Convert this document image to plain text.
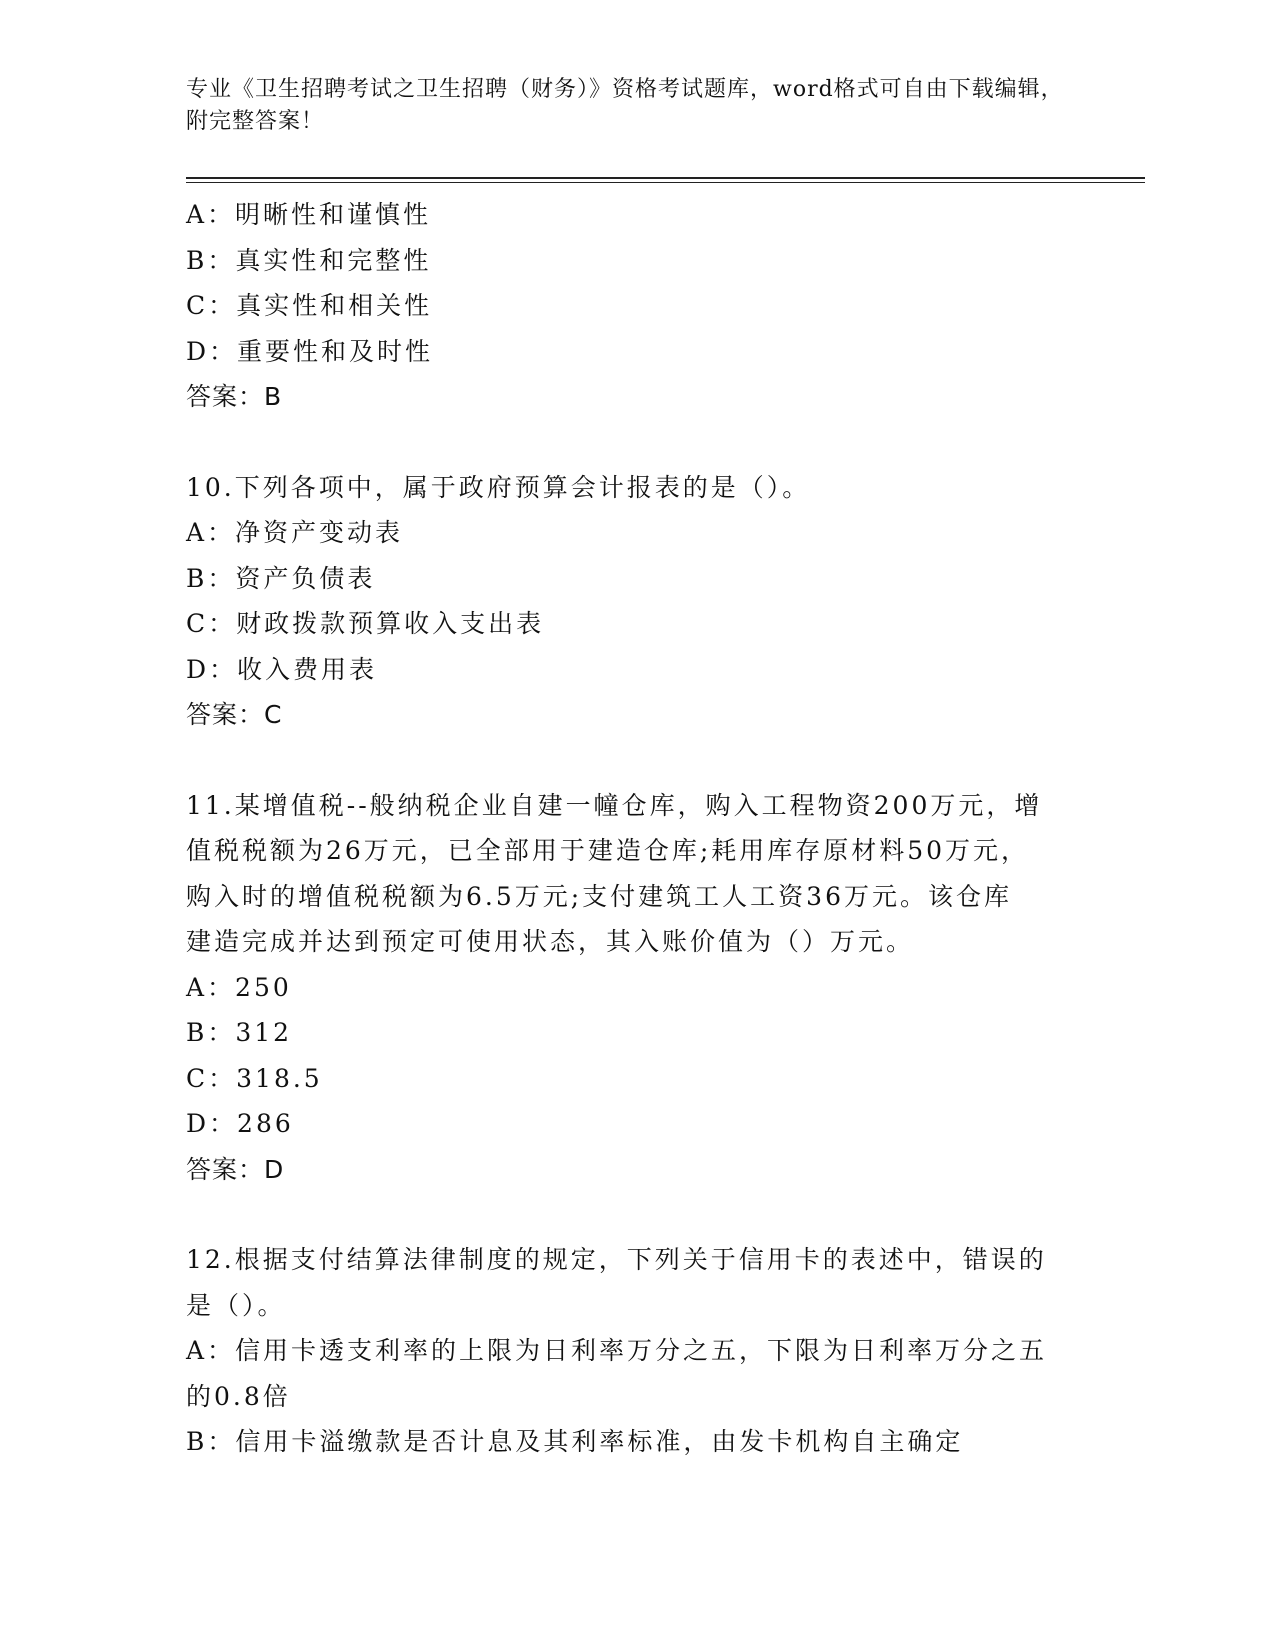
专业《卫生招聘考试之卫生招聘（财务）》资格考试题库，word格式可自由下载编辑，附完整答案！
A：明晰性和谨慎性
B：真实性和完整性
C：真实性和相关性
D：重要性和及时性
答案：B
10.下列各项中，属于政府预算会计报表的是（）。
A：净资产变动表
B：资产负债表
C：财政拨款预算收入支出表
D：收入费用表
答案：C
11.某增值税--般纳税企业自建一幢仓库，购入工程物资200万元，增
值税税额为26万元，已全部用于建造仓库;耗用库存原材料50万元，
购入时的增值税税额为6.5万元;支付建筑工人工资36万元。该仓库
建造完成并达到预定可使用状态，其入账价值为（）万元。
A：250
B：312
C：318.5
D：286
答案：D
12.根据支付结算法律制度的规定，下列关于信用卡的表述中，错误的
是（）。
A：信用卡透支利率的上限为日利率万分之五，下限为日利率万分之五
的0.8倍
B：信用卡溢缴款是否计息及其利率标准，由发卡机构自主确定
